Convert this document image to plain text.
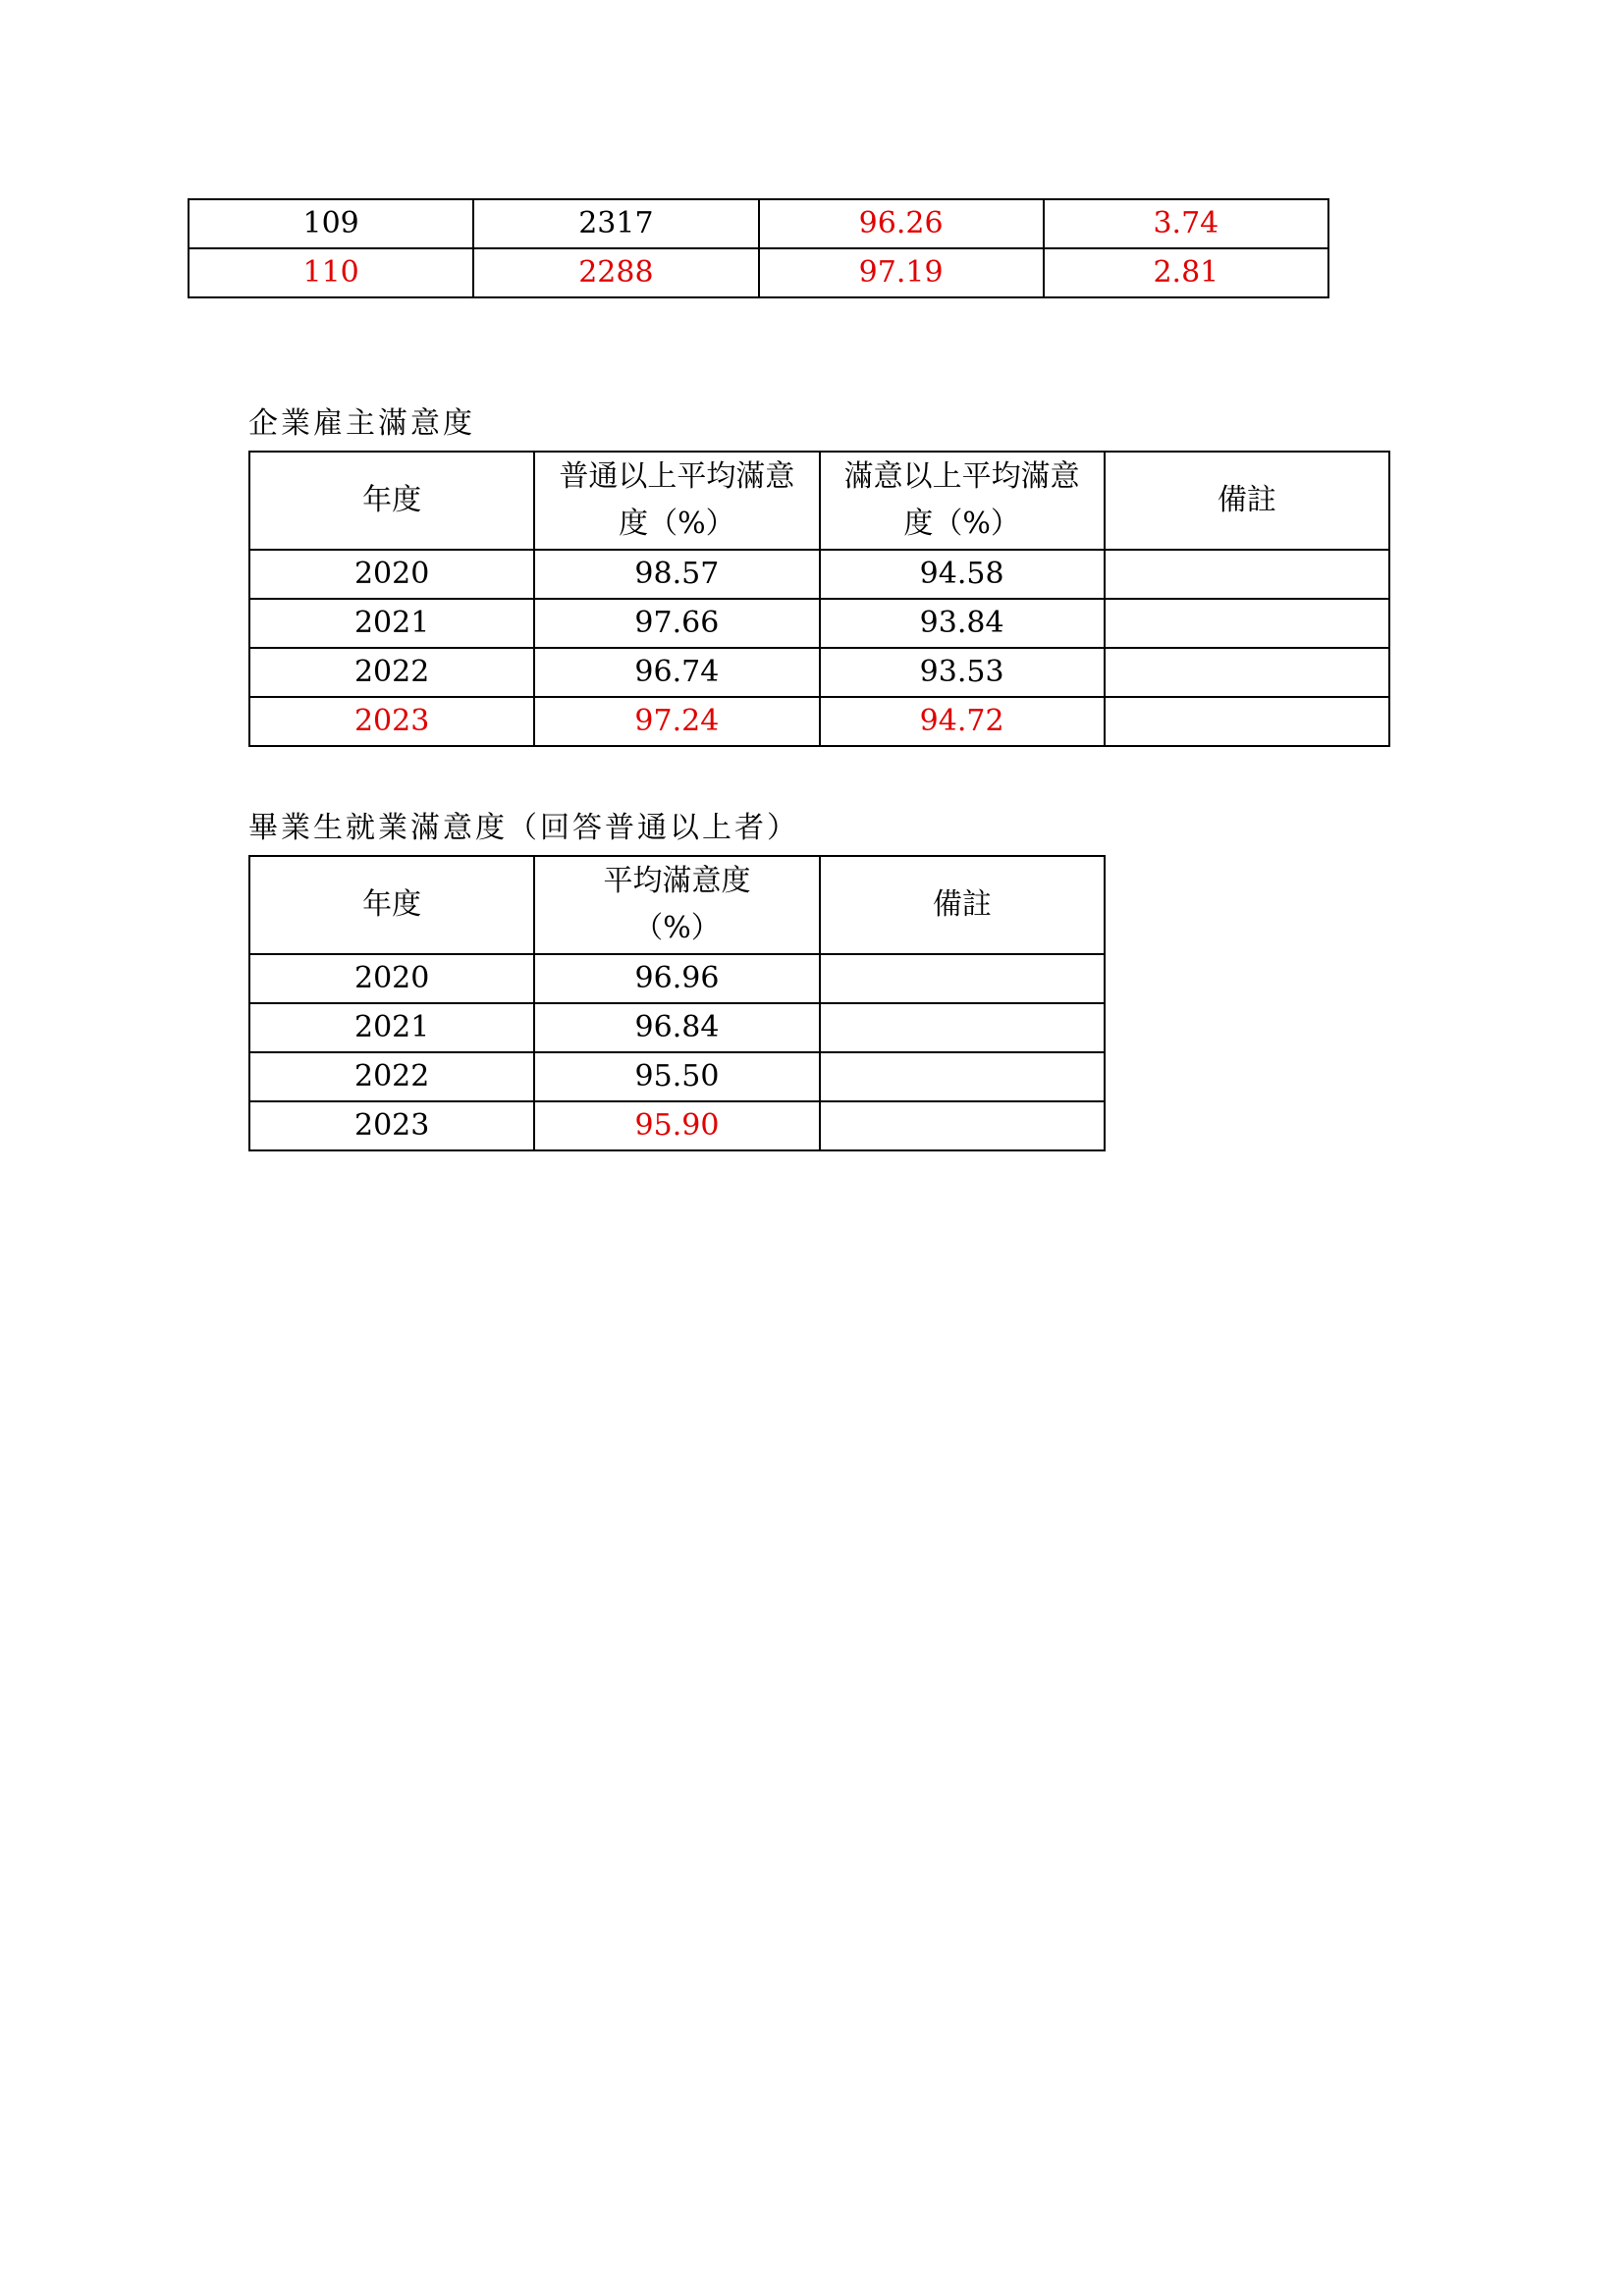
109	2317	96.26	3.74
110	2288	97.19	2.81
企業雇主滿意度
年度	普通以上平均滿意度（%）	滿意以上平均滿意度（%）	備註
2020	98.57	94.58	
2021	97.66	93.84	
2022	96.74	93.53	
2023	97.24	94.72	
畢業生就業滿意度（回答普通以上者）
年度	平均滿意度（%）	備註
2020	96.96	
2021	96.84	
2022	95.50	
2023	95.90	
